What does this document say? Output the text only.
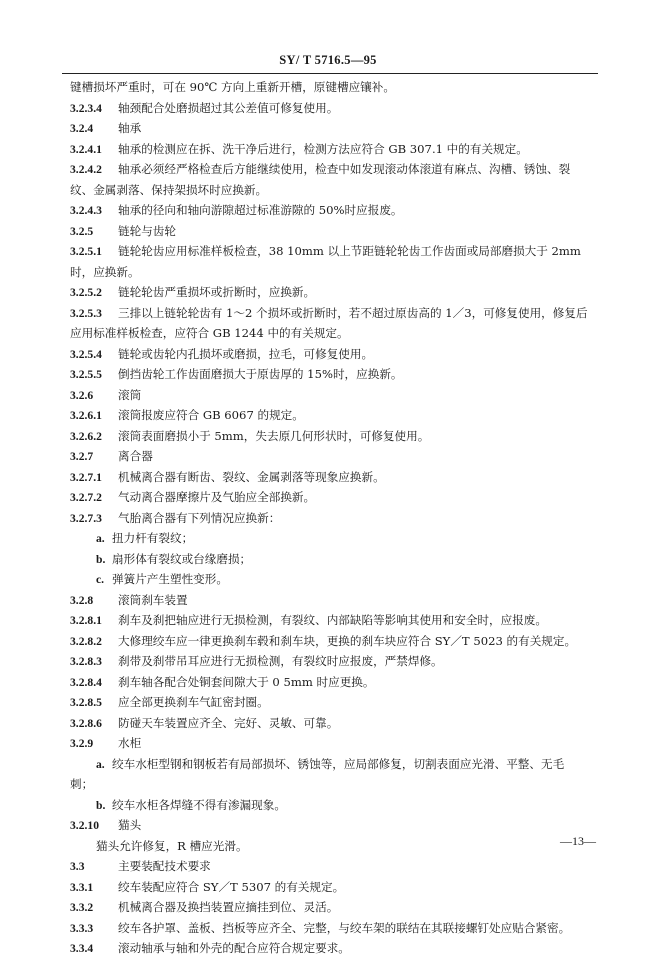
SY/ T 5716.5—95
键槽损坏严重时，可在 90℃ 方向上重新开槽，原键槽应镶补。
3.2.3.4 轴颈配合处磨损超过其公差值可修复使用。
3.2.4 轴承
3.2.4.1 轴承的检测应在拆、洗干净后进行，检测方法应符合 GB 307.1 中的有关规定。
3.2.4.2 轴承必须经严格检查后方能继续使用，检查中如发现滚动体滚道有麻点、沟槽、锈蚀、裂
纹、金属剥落、保持架损坏时应换新。
3.2.4.3 轴承的径向和轴向游隙超过标准游隙的 50%时应报废。
3.2.5 链轮与齿轮
3.2.5.1 链轮轮齿应用标准样板检查，38 10mm 以上节距链轮轮齿工作齿面或局部磨损大于 2mm
时，应换新。
3.2.5.2 链轮轮齿严重损坏或折断时，应换新。
3.2.5.3 三排以上链轮轮齿有 1～2 个损坏或折断时，若不超过原齿高的 1／3，可修复使用，修复后
应用标准样板检查，应符合 GB 1244 中的有关规定。
3.2.5.4 链轮或齿轮内孔损坏或磨损，拉毛，可修复使用。
3.2.5.5 倒挡齿轮工作齿面磨损大于原齿厚的 15%时，应换新。
3.2.6 滚筒
3.2.6.1 滚筒报废应符合 GB 6067 的规定。
3.2.6.2 滚筒表面磨损小于 5mm，失去原几何形状时，可修复使用。
3.2.7 离合器
3.2.7.1 机械离合器有断齿、裂纹、金属剥落等现象应换新。
3.2.7.2 气动离合器摩擦片及气胎应全部换新。
3.2.7.3 气胎离合器有下列情况应换新：
a. 扭力杆有裂纹；
b. 扇形体有裂纹或台缘磨损；
c. 弹簧片产生塑性变形。
3.2.8 滚筒刹车装置
3.2.8.1 刹车及刹把轴应进行无损检测，有裂纹、内部缺陷等影响其使用和安全时，应报废。
3.2.8.2 大修理绞车应一律更换刹车毂和刹车块，更换的刹车块应符合 SY／T 5023 的有关规定。
3.2.8.3 刹带及刹带吊耳应进行无损检测，有裂纹时应报废，严禁焊修。
3.2.8.4 刹车轴各配合处铜套间隙大于 0 5mm 时应更换。
3.2.8.5 应全部更换刹车气缸密封圈。
3.2.8.6 防碰天车装置应齐全、完好、灵敏、可靠。
3.2.9 水柜
a. 绞车水柜型钢和钢板若有局部损坏、锈蚀等，应局部修复，切割表面应光滑、平整、无毛
刺；
b. 绞车水柜各焊缝不得有渗漏现象。
3.2.10 猫头
猫头允许修复，R 槽应光滑。
3.3	主要装配技术要求
3.3.1 绞车装配应符合 SY／T 5307 的有关规定。
3.3.2 机械离合器及换挡装置应摘挂到位、灵活。
3.3.3 绞车各护罩、盖板、挡板等应齐全、完整，与绞车架的联结在其联接螺钉处应贴合紧密。
3.3.4 滚动轴承与轴和外壳的配合应符合规定要求。
—13—
